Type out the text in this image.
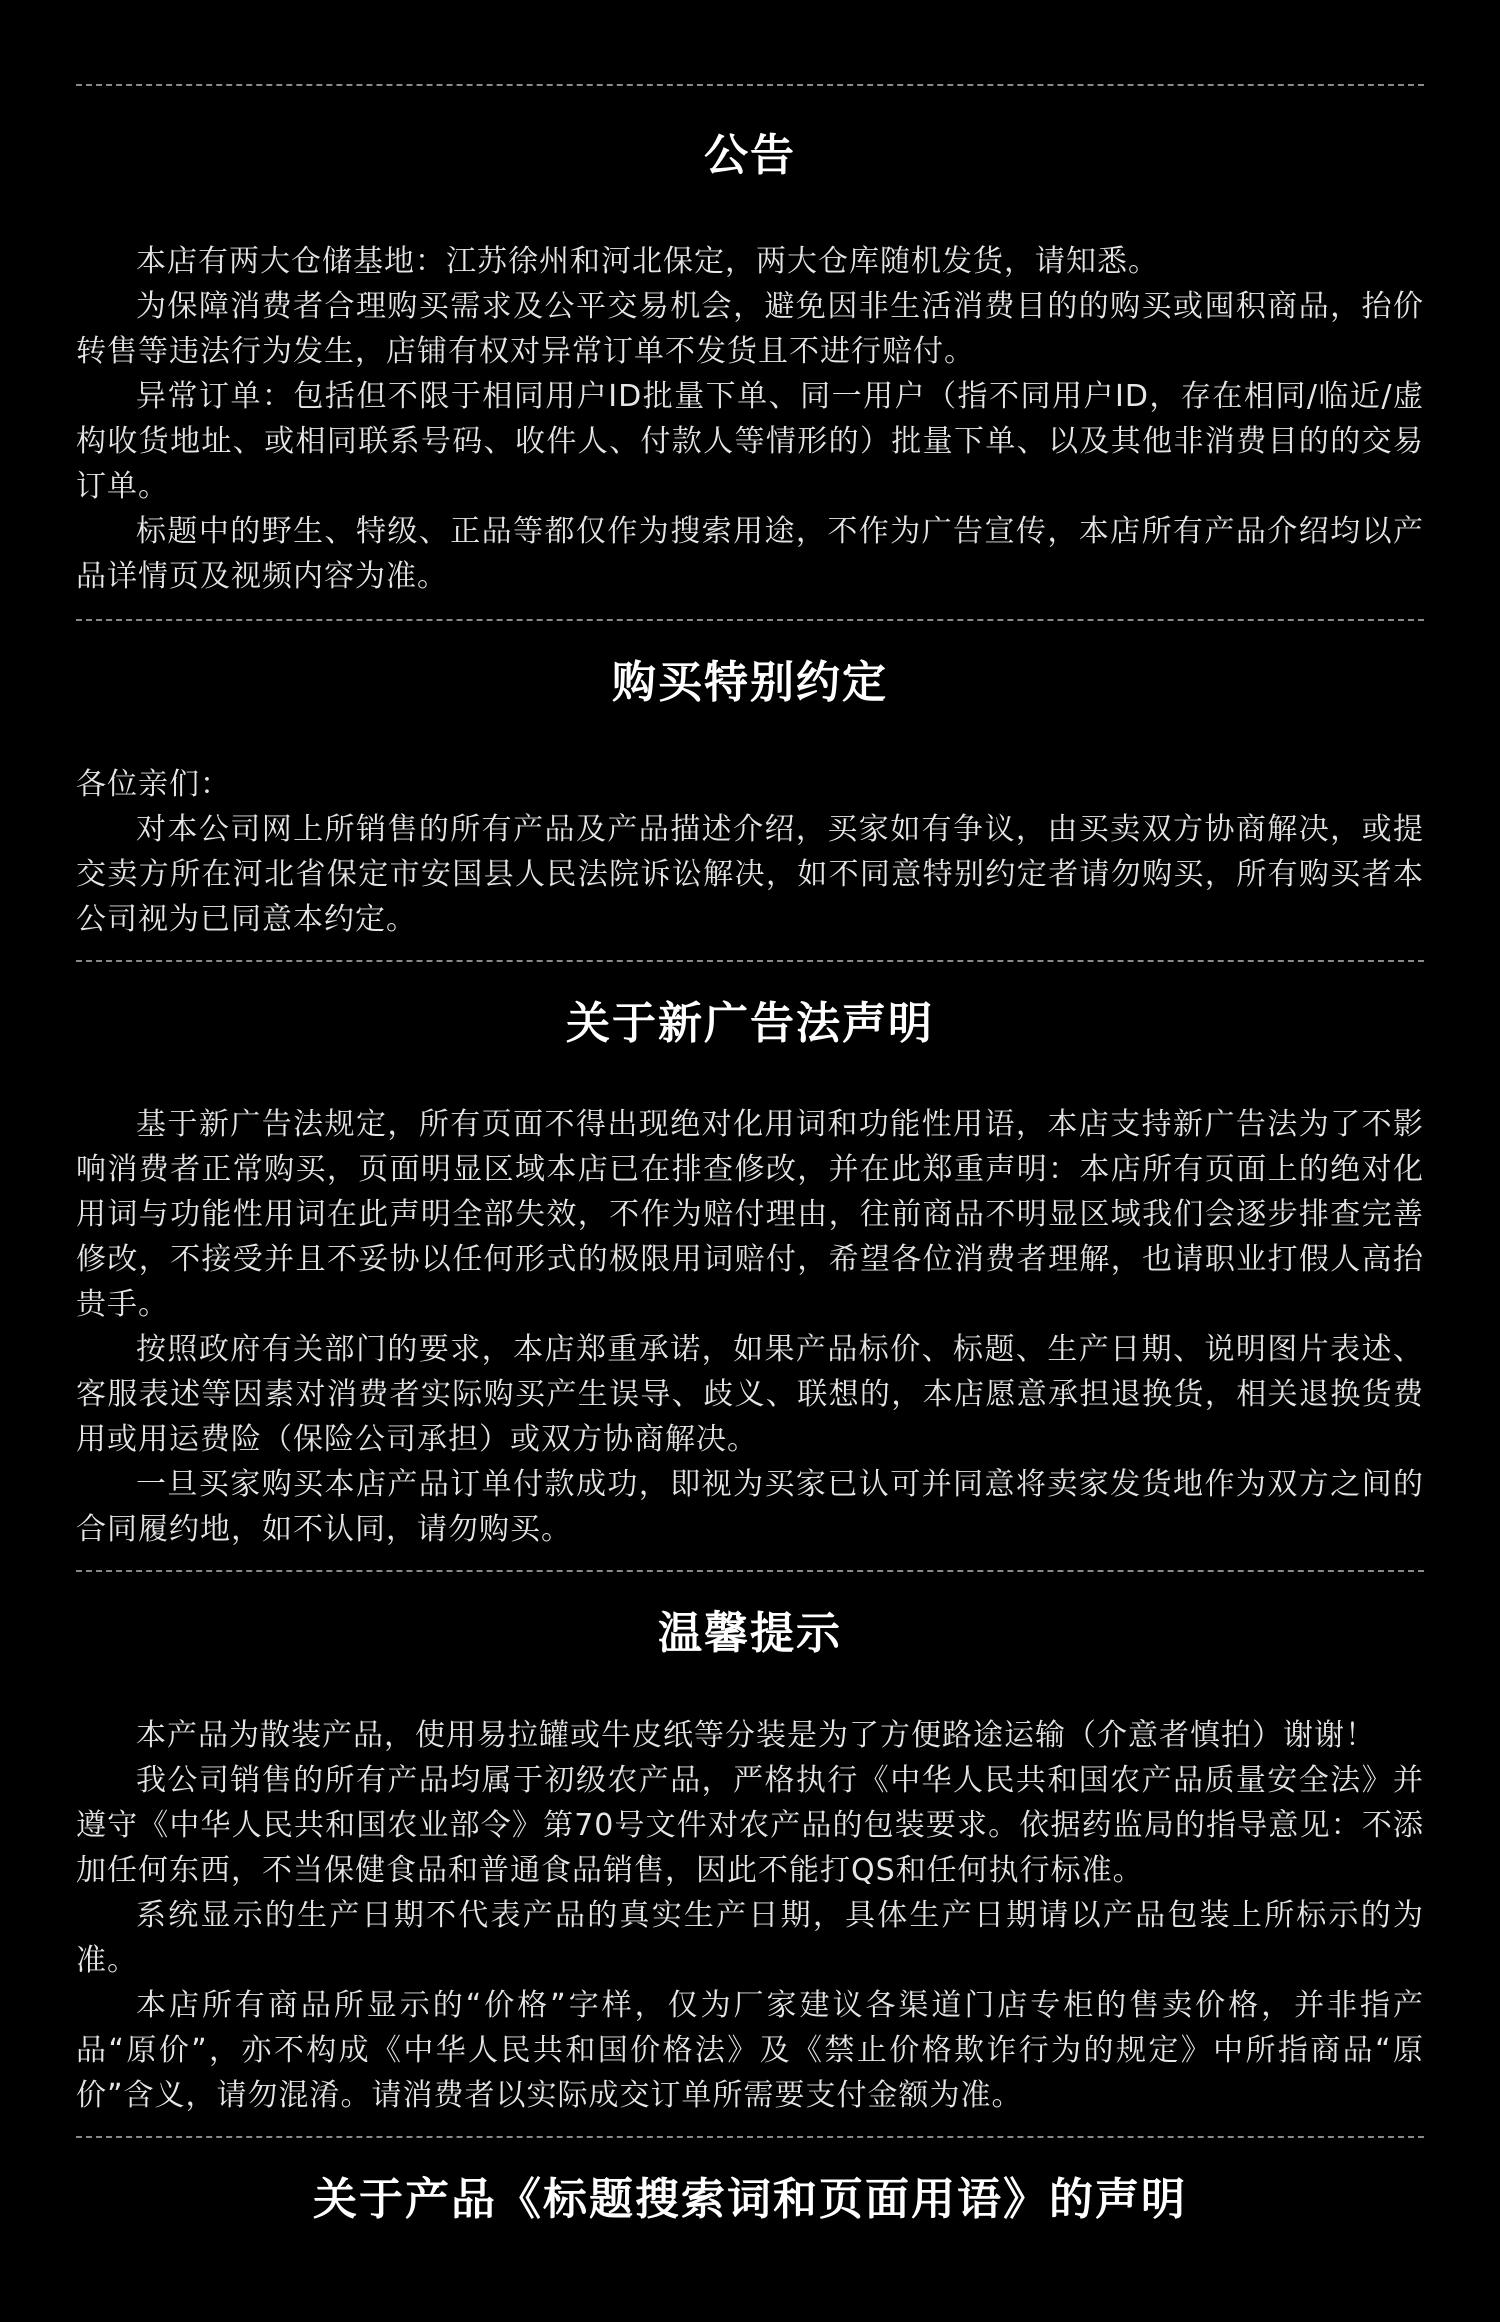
公告

本店有两大仓储基地：江苏徐州和河北保定，两大仓库随机发货，请知悉。

为保障消费者合理购买需求及公平交易机会，避免因非生活消费目的的购买或囤积商品，抬价转售等违法行为发生，店铺有权对异常订单不发货且不进行赔付。

异常订单：包括但不限于相同用户ID批量下单、同一用户（指不同用户ID，存在相同/临近/虚构收货地址、或相同联系号码、收件人、付款人等情形的）批量下单、以及其他非消费目的的交易订单。

标题中的野生、特级、正品等都仅作为搜索用途，不作为广告宣传，本店所有产品介绍均以产品详情页及视频内容为准。

购买特别约定

各位亲们：

对本公司网上所销售的所有产品及产品描述介绍，买家如有争议，由买卖双方协商解决，或提交卖方所在河北省保定市安国县人民法院诉讼解决，如不同意特别约定者请勿购买，所有购买者本公司视为已同意本约定。

关于新广告法声明

基于新广告法规定，所有页面不得出现绝对化用词和功能性用语，本店支持新广告法为了不影响消费者正常购买，页面明显区域本店已在排查修改，并在此郑重声明：本店所有页面上的绝对化用词与功能性用词在此声明全部失效，不作为赔付理由，往前商品不明显区域我们会逐步排查完善修改，不接受并且不妥协以任何形式的极限用词赔付，希望各位消费者理解，也请职业打假人高抬贵手。

按照政府有关部门的要求，本店郑重承诺，如果产品标价、标题、生产日期、说明图片表述、客服表述等因素对消费者实际购买产生误导、歧义、联想的，本店愿意承担退换货，相关退换货费用或用运费险（保险公司承担）或双方协商解决。

一旦买家购买本店产品订单付款成功，即视为买家已认可并同意将卖家发货地作为双方之间的合同履约地，如不认同，请勿购买。

温馨提示

本产品为散装产品，使用易拉罐或牛皮纸等分装是为了方便路途运输（介意者慎拍）谢谢！

我公司销售的所有产品均属于初级农产品，严格执行《中华人民共和国农产品质量安全法》并遵守《中华人民共和国农业部令》第70号文件对农产品的包装要求。依据药监局的指导意见：不添加任何东西，不当保健食品和普通食品销售，因此不能打QS和任何执行标准。

系统显示的生产日期不代表产品的真实生产日期，具体生产日期请以产品包装上所标示的为准。

本店所有商品所显示的“价格”字样，仅为厂家建议各渠道门店专柜的售卖价格，并非指产品“原价”，亦不构成《中华人民共和国价格法》及《禁止价格欺诈行为的规定》中所指商品“原价”含义，请勿混淆。请消费者以实际成交订单所需要支付金额为准。

关于产品《标题搜索词和页面用语》的声明
